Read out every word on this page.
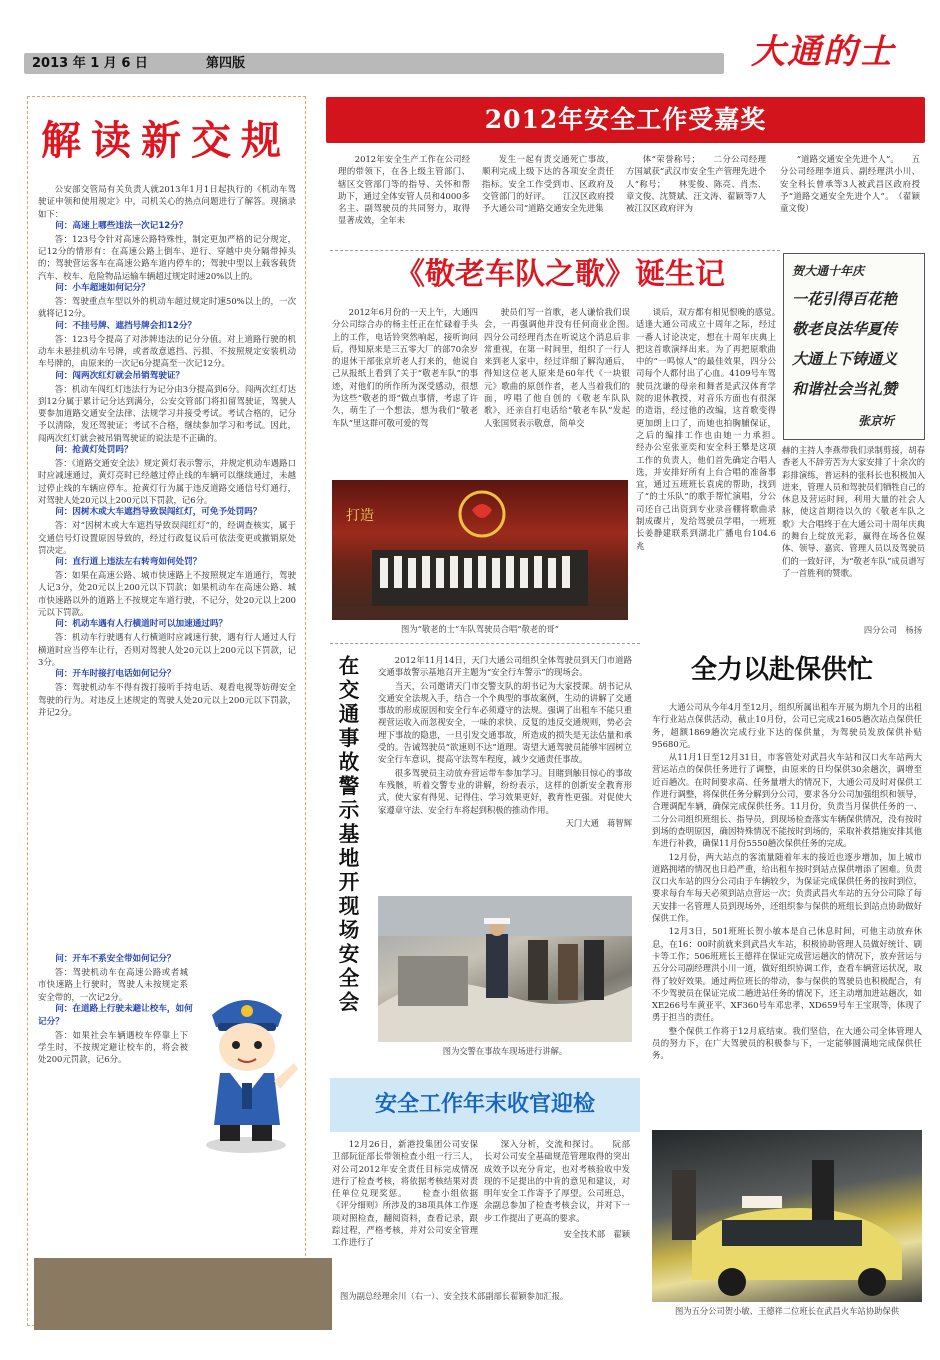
2013 年 1 月 6 日	第四版	大通的士
解读新交规
公安部交管局有关负责人就2013年1月1日起执行的《机动车驾驶证申领和使用规定》中，司机关心的热点问题进行了解答。现摘录如下：
问：高速上哪些违法一次记12分？
答：123号令针对高速公路特殊性，制定更加严格的记分规定，记12分的情形有：在高速公路上倒车、逆行、穿越中央分隔带掉头的；驾驶营运客车在高速公路车道内停车的；驾驶中型以上载客载货汽车、校车、危险物品运输车辆超过规定时速20%以上的。
问：小车超速如何记分？
答：驾驶重点车型以外的机动车超过规定时速50%以上的，一次就将记12分。
问：不挂号牌、遮挡号牌会扣12分？
答：123号令提高了对涉牌违法的记分分值。对上道路行驶的机动车未悬挂机动车号牌，或者故意遮挡、污损、不按照规定安装机动车号牌的，由原来的一次记6分提高至一次记12分。
问：闯两次红灯就会吊销驾驶证？
答：机动车闯红灯违法行为记分由3分提高到6分。闯两次红灯达到12分属于累计记分达到满分，公安交管部门将扣留驾驶证，驾驶人要参加道路交通安全法律、法规学习并接受考试。考试合格的，记分予以清除，发还驾驶证；考试不合格，继续参加学习和考试。因此，闯两次红灯就会被吊销驾驶证的说法是不正确的。
问：抢黄灯处罚吗？
答：《道路交通安全法》规定黄灯表示警示，并规定机动车遇路口时应减速通过，黄灯亮时已经越过停止线的车辆可以继续通过，未越过停止线的车辆应停车。抢黄灯行为属于违反道路交通信号灯通行，对驾驶人处20元以上200元以下罚款，记6分。
问：因树木或大车遮挡导致误闯红灯，可免予处罚吗？
答：对“因树木或大车遮挡导致误闯红灯”的，经调查核实，属于交通信号灯设置原因导致的，经过行政复议后可依法变更或撤销原处罚决定。
问：直行道上违法左右转弯如何处罚？
答：如果在高速公路、城市快速路上不按照规定车道通行，驾驶人记3分，处20元以上200元以下罚款；如果机动车在高速公路、城市快速路以外的道路上不按规定车道行驶，不记分，处20元以上200元以下罚款。
问：机动车遇有人行横道时可以加速通过吗？
答：机动车行驶遇有人行横道时应减速行驶，遇有行人通过人行横道时应当停车让行，否则对驾驶人处20元以上200元以下罚款，记3分。
问：开车时接打电话如何记分？
答：驾驶机动车不得有拨打接听手持电话、观看电视等妨碍安全驾驶的行为。对违反上述规定的驾驶人处20元以上200元以下罚款，并记2分。
问：开车不系安全带如何记分？
答：驾驶机动车在高速公路或者城市快速路上行驶时，驾驶人未按规定系安全带的，一次记2分。
问：在道路上行驶未避让校车，如何记分？
答：如果社会车辆遇校车停靠上下学生时，不按规定避让校车的，将会被处200元罚款，记6分。
2012年安全工作受嘉奖

2012年安全生产工作在公司经理的带领下，在各上级主管部门、辖区交管部门等的指导、关怀和帮助下，通过全体安管人员和4000多名主、副驾驶员的共同努力，取得显著成效，全年未

发生一起有责交通死亡事故，顺利完成上级下达的各项安全责任指标。安全工作受到市、区政府及交管部门的好评。　　江汉区政府授予大通公司“道路交通安全先进集

体”荣誉称号；　　二分公司经理方国斌获“武汉市安全生产管理先进个人”称号；　　林雯俊、陈亮、肖杰、章文俊、沈赞斌、汪文涛、翟颖等7人被江汉区政府评为

“道路交通安全先进个人”。　　五分公司经理李道兵、副经理洪小川、安全科长曾承等3人被武昌区政府授予“道路交通安全先进个人”。　（翟颖　童文俊）

《敬老车队之歌》诞生记	贺大通十年庆
一花引得百花艳
敬老良法华夏传
大通上下铸通义
和谐社会当礼赞
张京圻

2012年6月份的一天上午，大通四分公司综合办的杨主任正在忙碌着手头上的工作，电话铃突然响起，接听询问后，得知原来是三五零大厂的部70余岁的退休干部张京圻老人打来的，他说自己从报纸上看到了关于“敬老车队”的事迹，对他们的所作所为深受感动，很想为这些“敬老的哥”做点事情，考虑了许久，萌生了一个想法，想为我们“敬老车队”里这群可敬可爱的驾

驶员们写一首歌，老人谦恰我们误会，一再强调他并没有任何商业企图。　　四分公司经理肖杰在听说这个消息后非常重视，在第一时间里，组织了一行人来到老人家中，经过详细了解沟通后，得知这位老人原来是60年代《一块银元》歌曲的原创作者，老人当着我们的面，哼唱了他自创的《敬老车队队歌》，还亲自打电话给“敬老车队”发起人张国贤表示敬意，简单交

谈后，双方都有相见恨晚的感觉。　　适逢大通公司成立十周年之际，经过一番人讨论决定，想在十周年庆典上把这首歌演绎出来。为了再把原歌曲中的“一鸣惊人”的最佳效果，四分公司每个人都付出了心血。4109号车驾驶员沈谦的母亲和舞者是武汉体育学院的退休教授，对音乐方面也有很深的造诣，经过他的改编，这首歌变得更加朗上口了，而她也拍胸脯保证，之后的编排工作也由她一力承担。　　经办公室张亚奕和安全科王攀是这项工作的负责人，他们首先确定合唱人选，并安排好所有上台合唱的准备事宜，通过五班班长袁虎的帮助，找到了“的士乐队”的歌手帮忙演唱，分公司还自己出资到专业录音棚将歌曲录制成碟片，发给驾驶员学唱，一班班长姜静建联系到湖北广播电台104.6兆

赫的主持人李燕带我们录制剪接，胡春香老人不辞劳苦为大家安排了十余次的彩排演练，普运科的张科长也积极加入进来，管理人员和驾驶员们牺牲自己的休息及营运时间，利用大量的社会人脉，使这首期待以久的《敬老车队之歌》大合唱终于在大通公司十周年庆典的舞台上绽放光彩，赢得在场各位媒体、领导、嘉宾、管理人员以及驾驶员们的一致好评，为“敬老车队”成员谱写了一首胜利的赞歌。

打造
图为“敬老的士”车队驾驶员合唱“敬老的哥”	四分公司　杨扬
在交通事故警示基地开现场安全会

2012年11月14日，天门大通公司组织全体驾驶员到天门市道路交通事故警示基地召开主题为“安全行车警示”的现场会。

当天，公司邀请天门市交警支队的胡书记为大家授课。胡书记从交通安全法规入手，结合一个个典型的事故案例，生动的讲解了交通事故的形成原因和安全行车必须遵守的法规。强调了出租车不能只重视营运收入而忽视安全，一味的求快、反复的违反交通规则，势必会埋下事故的隐患，一旦引发交通事故，所造成的损失是无法估量和承受的。告诫驾驶员“欲速则不达”道理。寄望大通驾驶员能够牢固树立安全行车意识，提高守法驾车程度，减少交通责任事故。

很多驾驶员主动放弃营运带车参加学习。目睹到触目惊心的事故车残骸，听着交警专业的讲解，纷纷表示，这样的创新安全教育形式，使大家有得见、记得住、学习效果更好，教育性更强。对促使大家遵章守法、安全行车将起到积极的推动作用。

天门大通　蒋智辉
图为交警在事故车现场进行讲解。
全力以赴保供忙

大通公司从今年4月至12月，组织所属出租车开展为期九个月的出租车行业站点保供活动，截止10月份，公司已完成21605趟次站点保供任务，超额1869趟次完成行业下达的保供量，为驾驶员发放保供补贴95680元。

从11月1日至12月31日，市客管处对武昌火车站和汉口火车站两大营运站点的保供任务进行了调整，由原来的日均保供30余趟次，调增至近百趟次。在时间要求高、任务量增大的情况下，大通公司及时对保供工作进行调整，将保供任务分解到分公司，要求各分公司加强组织和领导，合理调配车辆，确保完成保供任务。11月份，负责当月保供任务的一、二分公司组织班组长、指导员，到现场检查落实车辆保供情况，没有按时到场的查明原因，确因特殊情况不能按时到场的，采取补救措施安排其他车进行补救，确保11月份5550趟次保供任务的完成。

12月份，两大站点的客流量随着年末的接近也逐步增加，加上城市道路拥堵的情况也日趋严重，给出租车按时到站点保供增添了困难。负责汉口火车站的四分公司由于车辆较少，为保证完成保供任务的按时到位，要求每台车每天必须到站点营运一次；负责武昌火车站的五分公司除了每天安排一名管理人员到现场外，还组织参与保供的班组长到站点协助做好保供工作。

12月3日，501班班长贺小敏本是自己休息时间，可他主动放弃休息，在16：00时前就来到武昌火车站，积极协助管理人员做好统计、刷卡等工作；506班班长王德祥在保证完成营运趟次的情况下，放弃营运与五分公司副经理洪小川一道，做好组织协调工作，查看车辆营运状况，取得了较好效果。通过两位班长的带动，参与保供的驾驶员也积极配合，有不少驾驶员在保证完成二趟进站任务的情况下，还主动增加进站趟次，如XE266号车黄亚平、XF360号车邓忠孝、XD659号车王宝珉等，体现了勇于担当的责任。

整个保供工作将于12月底结束。我们坚信，在大通公司全体管理人员的努力下，在广大驾驶员的积极参与下，一定能够圆满地完成保供任务。

图为五分公司贺小敏、王德祥二位班长在武昌火车站协助保供
安全工作年末收官迎检

12月26日，新港投集团公司安保卫部阮征部长带领检查小组一行三人，对公司2012年安全责任目标完成情况进行了检查考核，将依据考核结果对责任单位兑现奖惩。　　检查小组依据《评分细则》所涉及的38项具体工作逐项对照检查，翻阅资料，查看记录，跟踪过程，严格考核，并对公司安全管理工作进行了

深入分析，交流和探讨。　　阮部长对公司安全基础规范管理取得的突出成效予以充分肯定，也对考核验收中发现的不足提出的中肯的意见和建议，对明年安全工作寄予了厚望。公司班总，余副总参加了检查考核会议，并对下一步工作提出了更高的要求。

安全技术部　翟颖
图为副总经理余川（右一）、安全技术部副部长翟颖参加汇报。
